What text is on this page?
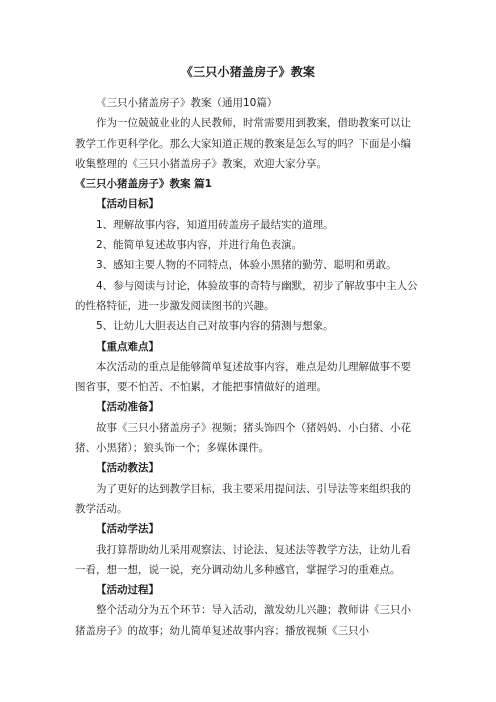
《三只小猪盖房子》教案

《三只小猪盖房子》教案（通用10篇）

作为一位兢兢业业的人民教师，时常需要用到教案，借助教案可以让教学工作更科学化。那么大家知道正规的教案是怎么写的吗？下面是小编收集整理的《三只小猪盖房子》教案，欢迎大家分享。

《三只小猪盖房子》教案 篇1

【活动目标】

1、理解故事内容，知道用砖盖房子最结实的道理。

2、能简单复述故事内容，并进行角色表演。

3、感知主要人物的不同特点，体验小黑猪的勤劳、聪明和勇敢。

4、参与阅读与讨论，体验故事的奇特与幽默，初步了解故事中主人公的性格特征，进一步激发阅读图书的兴趣。

5、让幼儿大胆表达自己对故事内容的猜测与想象。

【重点难点】

本次活动的重点是能够简单复述故事内容，难点是幼儿理解做事不要图省事，要不怕苦、不怕累，才能把事情做好的道理。

【活动准备】

故事《三只小猪盖房子》视频；猪头饰四个（猪妈妈、小白猪、小花猪、小黑猪）；狼头饰一个；多媒体课件。

【活动教法】

为了更好的达到教学目标，我主要采用提问法、引导法等来组织我的教学活动。

【活动学法】

我打算帮助幼儿采用观察法、讨论法、复述法等教学方法，让幼儿看一看，想一想，说一说，充分调动幼儿多种感官，掌握学习的重难点。

【活动过程】

整个活动分为五个环节：导入活动，激发幼儿兴趣；教师讲《三只小猪盖房子》的故事；幼儿简单复述故事内容；播放视频《三只小
